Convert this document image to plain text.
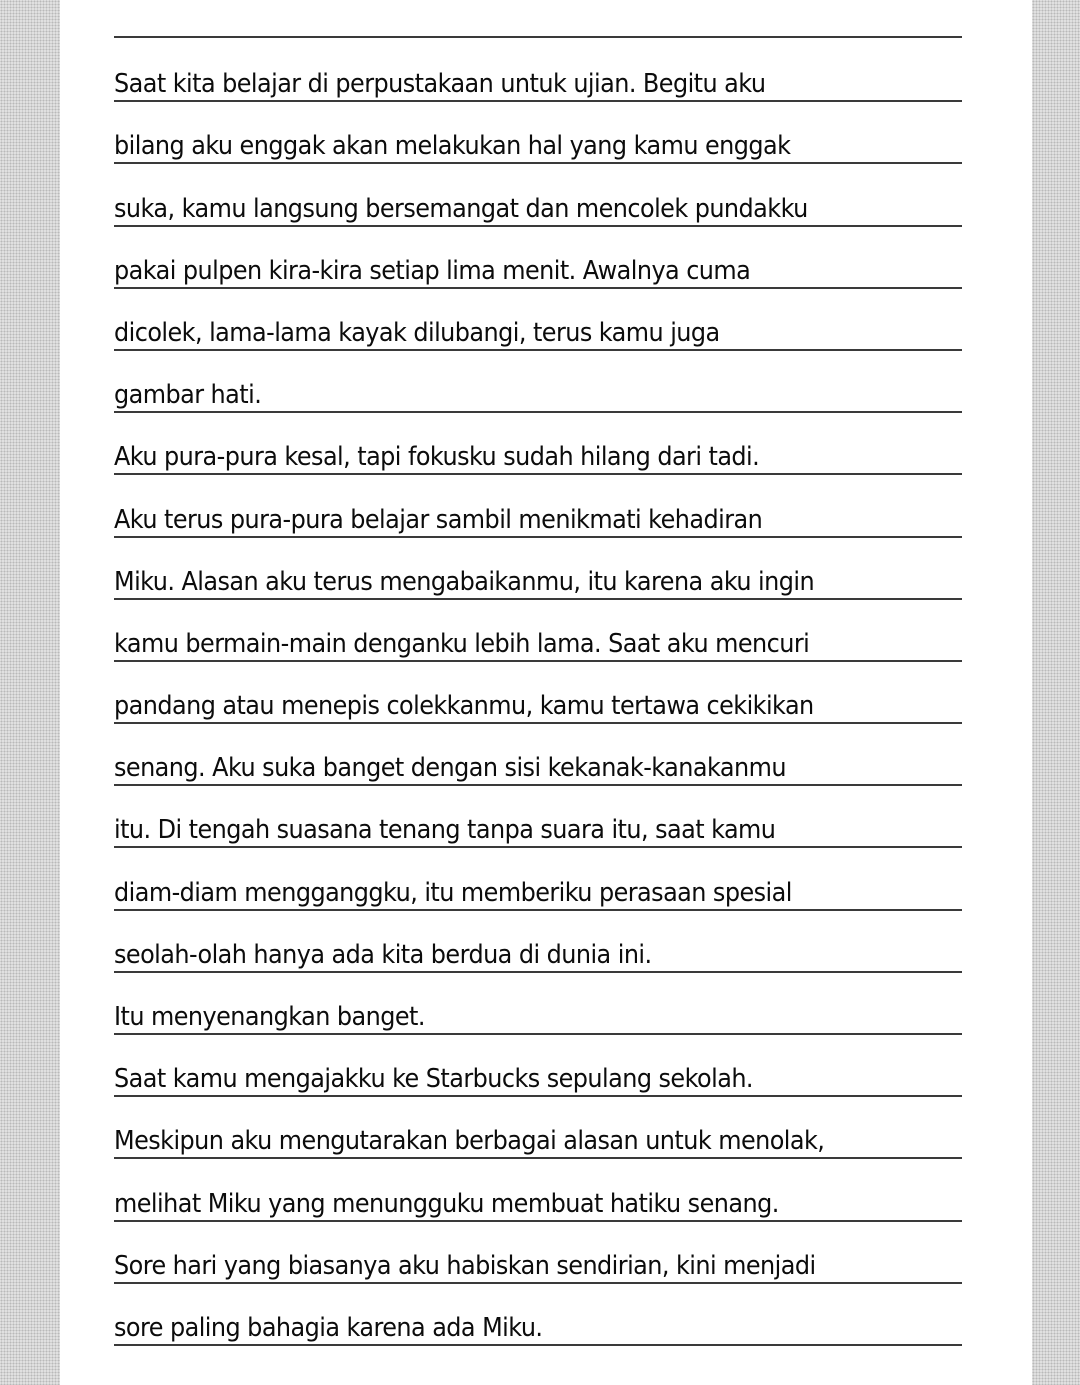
Saat kita belajar di perpustakaan untuk ujian. Begitu aku
bilang aku enggak akan melakukan hal yang kamu enggak
suka, kamu langsung bersemangat dan mencolek pundakku
pakai pulpen kira-kira setiap lima menit. Awalnya cuma
dicolek, lama-lama kayak dilubangi, terus kamu juga
gambar hati.
Aku pura-pura kesal, tapi fokusku sudah hilang dari tadi.
Aku terus pura-pura belajar sambil menikmati kehadiran
Miku. Alasan aku terus mengabaikanmu, itu karena aku ingin
kamu bermain-main denganku lebih lama. Saat aku mencuri
pandang atau menepis colekkanmu, kamu tertawa cekikikan
senang. Aku suka banget dengan sisi kekanak-kanakanmu
itu. Di tengah suasana tenang tanpa suara itu, saat kamu
diam-diam mengganggku, itu memberiku perasaan spesial
seolah-olah hanya ada kita berdua di dunia ini.
Itu menyenangkan banget.
Saat kamu mengajakku ke Starbucks sepulang sekolah.
Meskipun aku mengutarakan berbagai alasan untuk menolak,
melihat Miku yang menungguku membuat hatiku senang.
Sore hari yang biasanya aku habiskan sendirian, kini menjadi
sore paling bahagia karena ada Miku.
